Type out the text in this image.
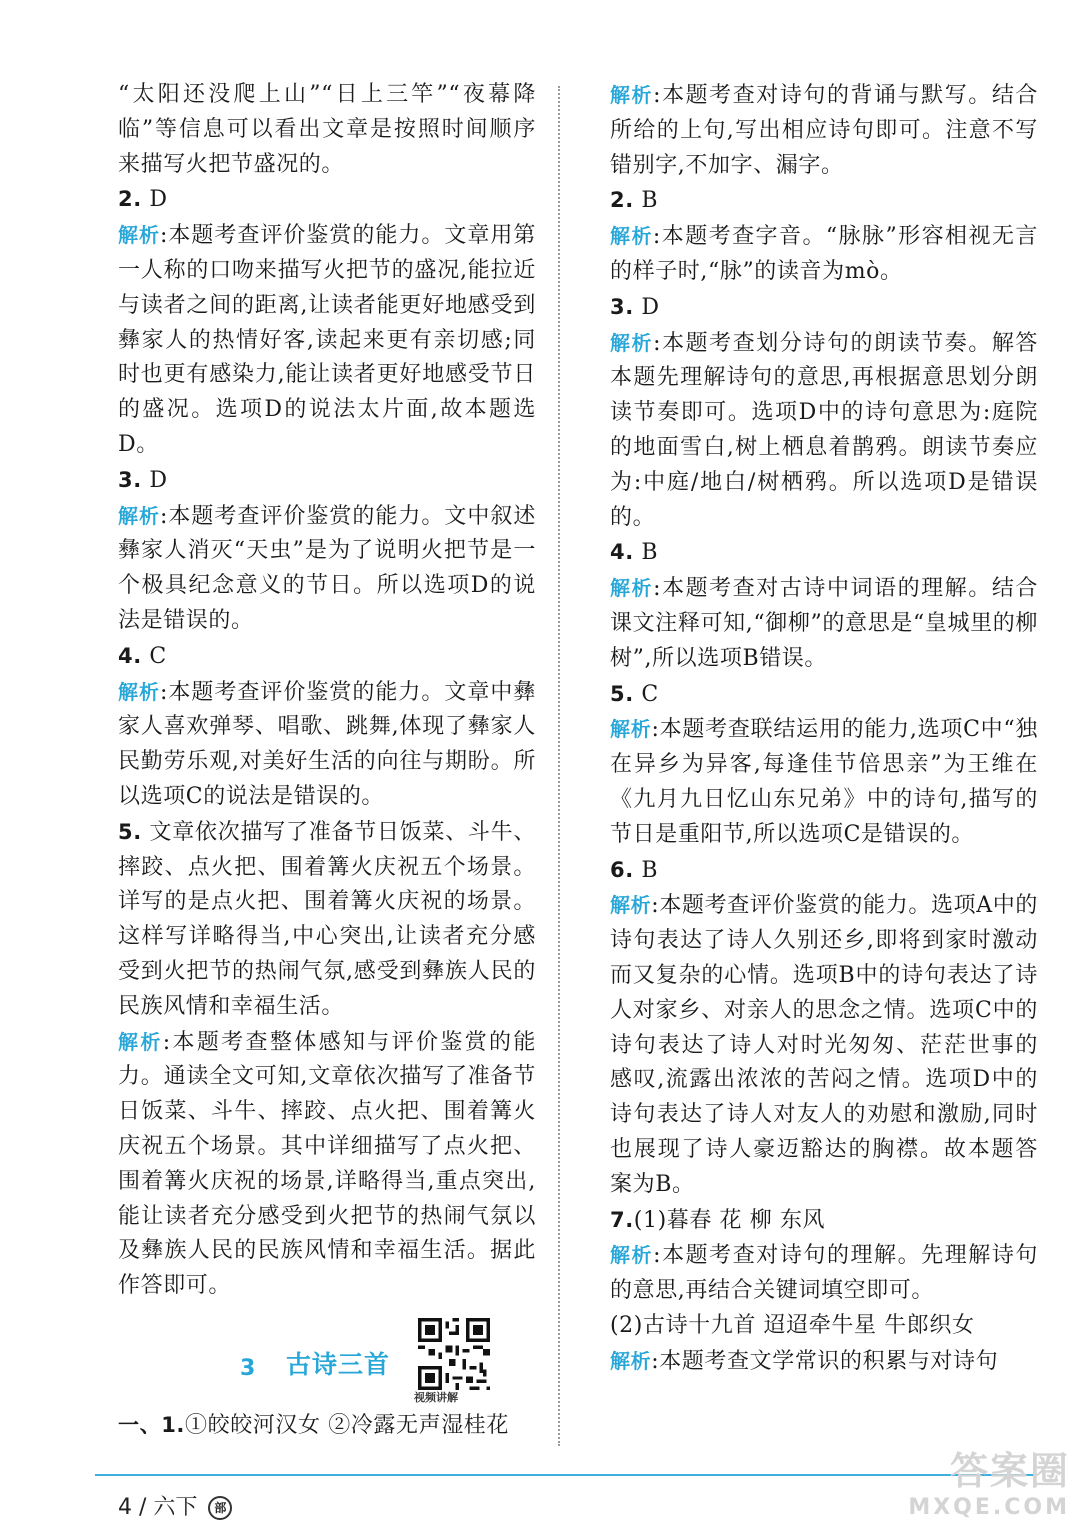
“太阳还没爬上山”“日上三竿”“夜幕降临”等信息可以看出文章是按照时间顺序来描写火把节盛况的。

2. D

解析:本题考查评价鉴赏的能力。文章用第一人称的口吻来描写火把节的盛况,能拉近与读者之间的距离,让读者能更好地感受到彝家人的热情好客,读起来更有亲切感;同时也更有感染力,能让读者更好地感受节日的盛况。选项D的说法太片面,故本题选D。

3. D

解析:本题考查评价鉴赏的能力。文中叙述彝家人消灭“天虫”是为了说明火把节是一个极具纪念意义的节日。所以选项D的说法是错误的。

4. C

解析:本题考查评价鉴赏的能力。文章中彝家人喜欢弹琴、唱歌、跳舞,体现了彝家人民勤劳乐观,对美好生活的向往与期盼。所以选项C的说法是错误的。

5. 文章依次描写了准备节日饭菜、斗牛、摔跤、点火把、围着篝火庆祝五个场景。详写的是点火把、围着篝火庆祝的场景。这样写详略得当,中心突出,让读者充分感受到火把节的热闹气氛,感受到彝族人民的民族风情和幸福生活。

解析:本题考查整体感知与评价鉴赏的能力。通读全文可知,文章依次描写了准备节日饭菜、斗牛、摔跤、点火把、围着篝火庆祝五个场景。其中详细描写了点火把、围着篝火庆祝的场景,详略得当,重点突出,能让读者充分感受到火把节的热闹气氛以及彝族人民的民族风情和幸福生活。据此作答即可。

3 古诗三首
视频讲解

一、1.①皎皎河汉女 ②冷露无声湿桂花

解析:本题考查对诗句的背诵与默写。结合所给的上句,写出相应诗句即可。注意不写错别字,不加字、漏字。

2. B

解析:本题考查字音。“脉脉”形容相视无言的样子时,“脉”的读音为mò。

3. D

解析:本题考查划分诗句的朗读节奏。解答本题先理解诗句的意思,再根据意思划分朗读节奏即可。选项D中的诗句意思为:庭院的地面雪白,树上栖息着鹊鸦。朗读节奏应为:中庭/地白/树栖鸦。所以选项D是错误的。

4. B

解析:本题考查对古诗中词语的理解。结合课文注释可知,“御柳”的意思是“皇城里的柳树”,所以选项B错误。

5. C

解析:本题考查联结运用的能力,选项C中“独在异乡为异客,每逢佳节倍思亲”为王维在《九月九日忆山东兄弟》中的诗句,描写的节日是重阳节,所以选项C是错误的。

6. B

解析:本题考查评价鉴赏的能力。选项A中的诗句表达了诗人久别还乡,即将到家时激动而又复杂的心情。选项B中的诗句表达了诗人对家乡、对亲人的思念之情。选项C中的诗句表达了诗人对时光匆匆、茫茫世事的感叹,流露出浓浓的苦闷之情。选项D中的诗句表达了诗人对友人的劝慰和激励,同时也展现了诗人豪迈豁达的胸襟。故本题答案为B。

7.(1)暮春 花 柳 东风

解析:本题考查对诗句的理解。先理解诗句的意思,再结合关键词填空即可。

(2)古诗十九首 迢迢牵牛星 牛郎织女

解析:本题考查文学常识的积累与对诗句

4 / 六下 部
答案圈
MXQE.COM
